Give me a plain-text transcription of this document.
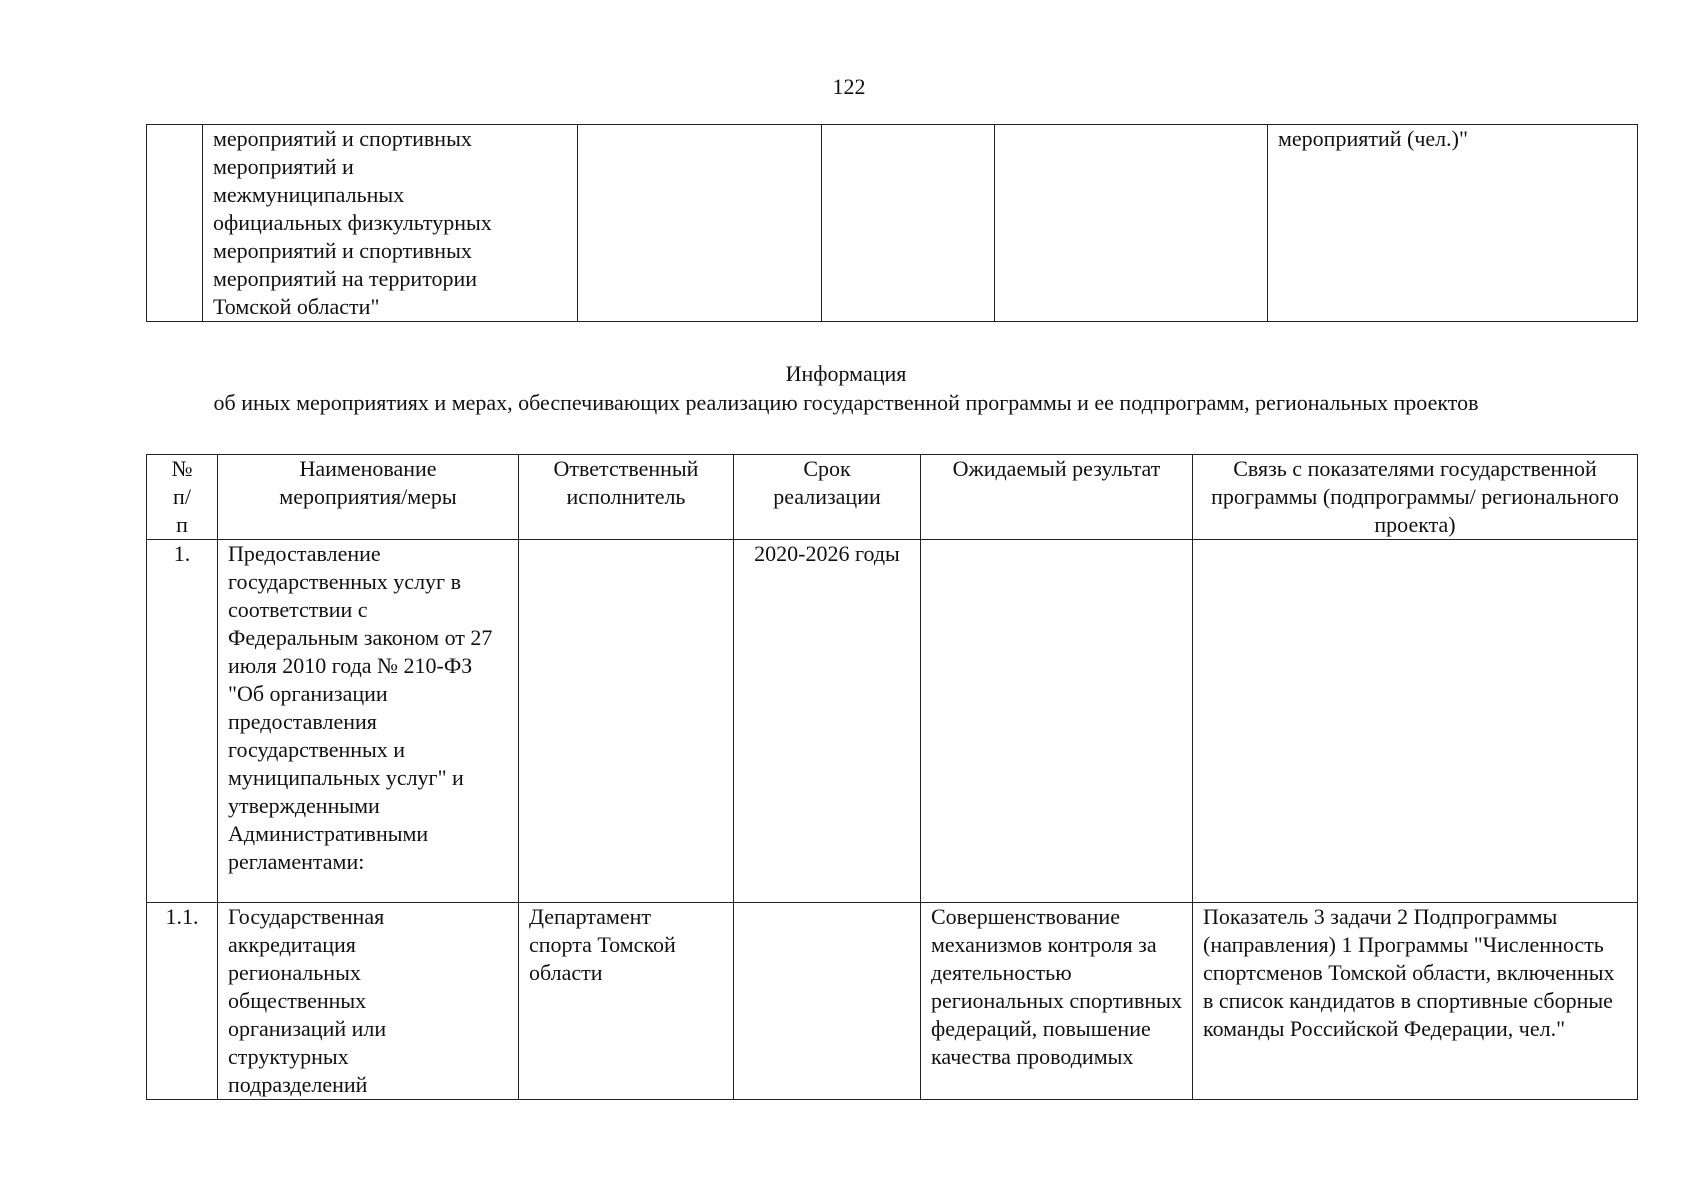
122
	мероприятий и спортивных мероприятий и межмуниципальных официальных физкультурных мероприятий и спортивных мероприятий на территории Томской области"				мероприятий (чел.)"
Информация
об иных мероприятиях и мерах, обеспечивающих реализацию государственной программы и ее подпрограмм, региональных проектов
№ п/п	Наименование мероприятия/меры	Ответственный исполнитель	Срок реализации	Ожидаемый результат	Связь с показателями государственной программы (подпрограммы/ регионального проекта)
1.	Предоставление государственных услуг в соответствии с Федеральным законом от 27 июля 2010 года № 210-ФЗ "Об организации предоставления государственных и муниципальных услуг" и утвержденными Административными регламентами:		2020-2026 годы		
1.1.	Государственная аккредитация региональных общественных организаций или структурных подразделений	Департамент спорта Томской области		Совершенствование механизмов контроля за деятельностью региональных спортивных федераций, повышение качества проводимых	Показатель 3 задачи 2 Подпрограммы (направления) 1 Программы "Численность спортсменов Томской области, включенных в список кандидатов в спортивные сборные команды Российской Федерации, чел."
